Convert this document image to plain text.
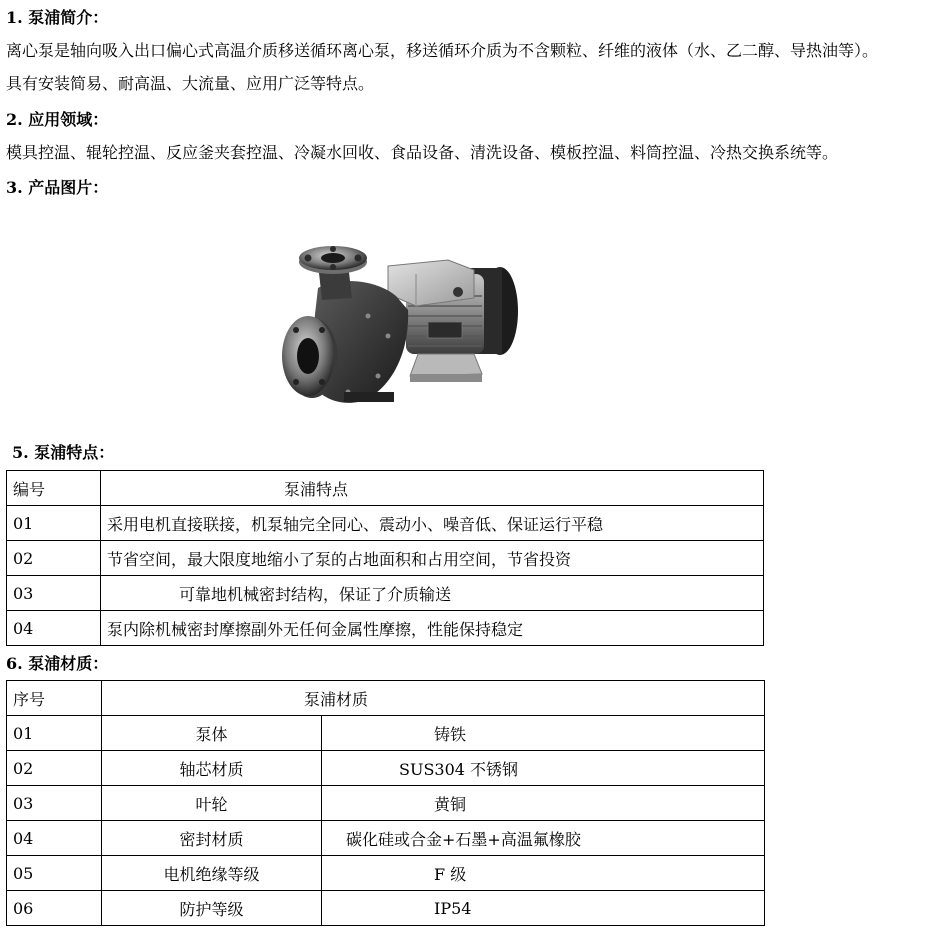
1. 泵浦简介：
离心泵是轴向吸入出口偏心式高温介质移送循环离心泵，移送循环介质为不含颗粒、纤维的液体（水、乙二醇、导热油等）。
具有安装简易、耐高温、大流量、应用广泛等特点。
2. 应用领域：
模具控温、辊轮控温、反应釜夹套控温、冷凝水回收、食品设备、清洗设备、模板控温、料筒控温、冷热交换系统等。
3. 产品图片：
5. 泵浦特点：
编号	泵浦特点
01	采用电机直接联接，机泵轴完全同心、震动小、噪音低、保证运行平稳
02	节省空间，最大限度地缩小了泵的占地面积和占用空间，节省投资
03	可靠地机械密封结构，保证了介质输送
04	泵内除机械密封摩擦副外无任何金属性摩擦，性能保持稳定
6. 泵浦材质：
序号	泵浦材质	
01	泵体	铸铁
02	轴芯材质	SUS304 不锈钢
03	叶轮	黄铜
04	密封材质	碳化硅或合金+石墨+高温氟橡胶
05	电机绝缘等级	F 级
06	防护等级	IP54
